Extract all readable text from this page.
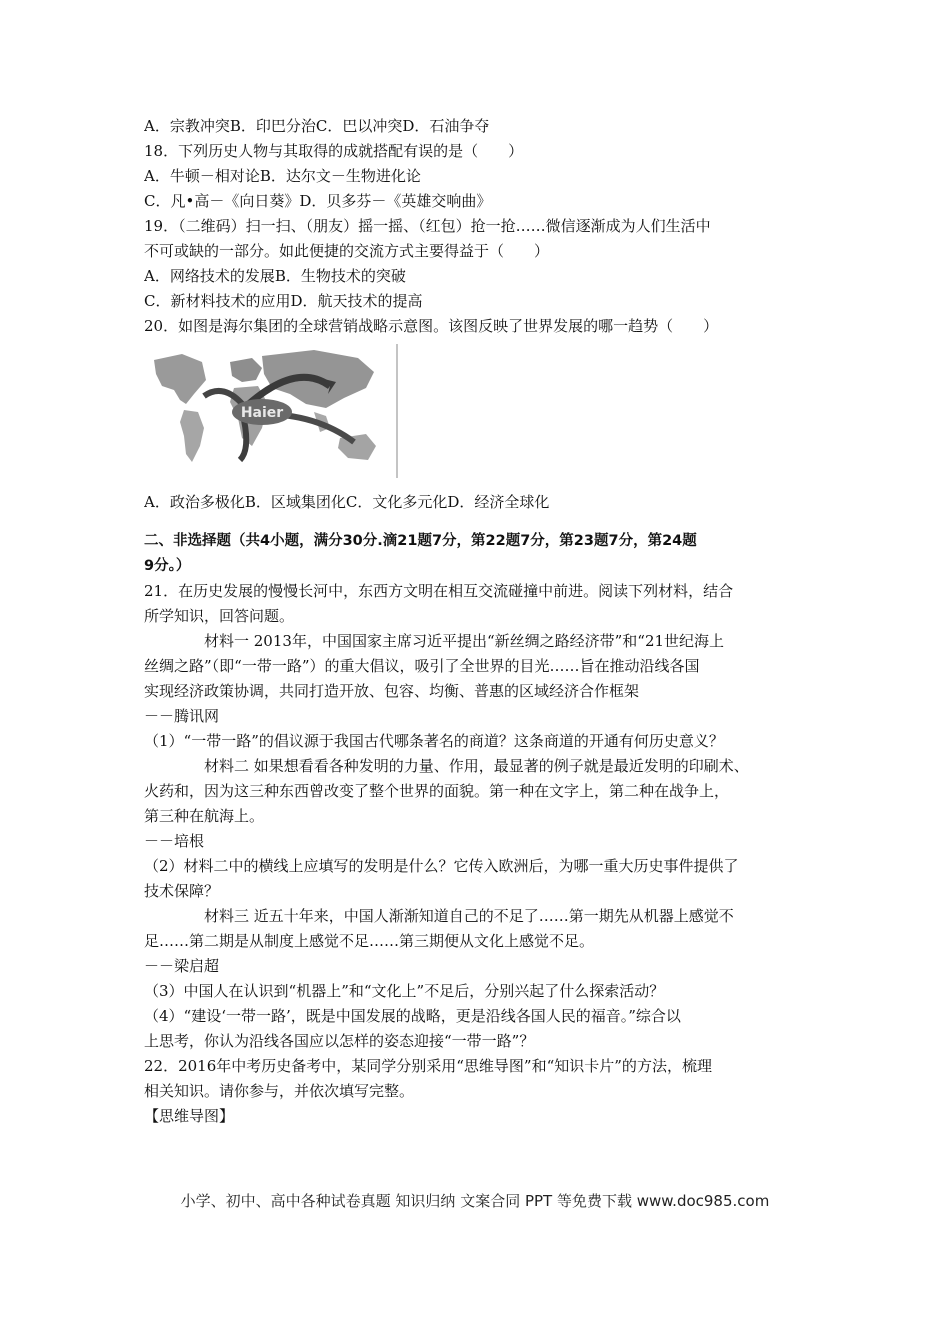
A．宗教冲突B．印巴分治C．巴以冲突D．石油争夺
18．下列历史人物与其取得的成就搭配有误的是（　　）
A．牛顿－相对论B．达尔文－生物进化论
C．凡•高－《向日葵》D．贝多芬－《英雄交响曲》
19．（二维码）扫一扫、（朋友）摇一摇、（红包）抢一抢……微信逐渐成为人们生活中
不可或缺的一部分。如此便捷的交流方式主要得益于（　　）
A．网络技术的发展B．生物技术的突破
C．新材料技术的应用D．航天技术的提高
20．如图是海尔集团的全球营销战略示意图。该图反映了世界发展的哪一趋势（　　）
Haier
A．政治多极化B．区域集团化C．文化多元化D．经济全球化
二、非选择题（共4小题，满分30分.滴21题7分，第22题7分，第23题7分，第24题
9分。）
21．在历史发展的慢慢长河中，东西方文明在相互交流碰撞中前进。阅读下列材料，结合
所学知识，回答问题。
材料一 2013年，中国国家主席习近平提出“新丝绸之路经济带”和“21世纪海上
丝绸之路”（即“一带一路”）的重大倡议，吸引了全世界的目光……旨在推动沿线各国
实现经济政策协调，共同打造开放、包容、均衡、普惠的区域经济合作框架
－－腾讯网
（1）“一带一路”的倡议源于我国古代哪条著名的商道？这条商道的开通有何历史意义？
材料二 如果想看看各种发明的力量、作用，最显著的例子就是最近发明的印刷术、
火药和，因为这三种东西曾改变了整个世界的面貌。第一种在文字上，第二种在战争上，
第三种在航海上。
－－培根
（2）材料二中的横线上应填写的发明是什么？它传入欧洲后，为哪一重大历史事件提供了
技术保障？
材料三 近五十年来，中国人渐渐知道自己的不足了……第一期先从机器上感觉不
足……第二期是从制度上感觉不足……第三期便从文化上感觉不足。
－－梁启超
（3）中国人在认识到“机器上”和“文化上”不足后，分别兴起了什么探索活动？
（4）“建设‘一带一路’，既是中国发展的战略，更是沿线各国人民的福音。”综合以
上思考，你认为沿线各国应以怎样的姿态迎接“一带一路”？
22．2016年中考历史备考中，某同学分别采用“思维导图”和“知识卡片”的方法，梳理
相关知识。请你参与，并依次填写完整。
【思维导图】
小学、初中、高中各种试卷真题 知识归纳 文案合同 PPT 等免费下载 www.doc985.com
